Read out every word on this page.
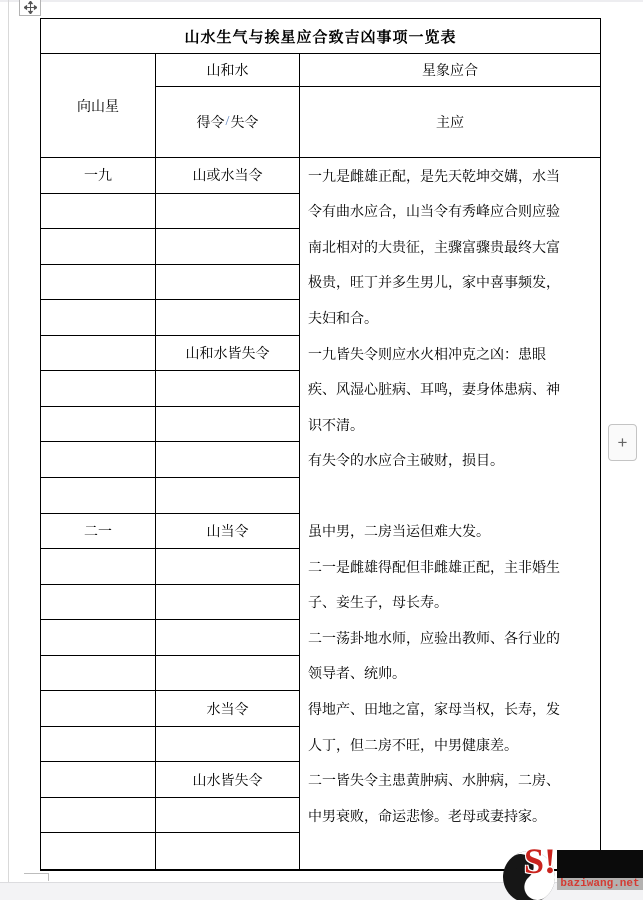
山水生气与挨星应合致吉凶事项一览表
向山星
山和水
得令 / 失令
星象应合
主应
一九
二一
山或水当令
山和水皆失令
山当令
水当令
山水皆失令
一九是雌雄正配，是先天乾坤交媾，水当
令有曲水应合，山当令有秀峰应合则应验
南北相对的大贵征，主骤富骤贵最终大富
极贵，旺丁并多生男儿，家中喜事频发，
夫妇和合。
一九皆失令则应水火相冲克之凶：患眼
疾、风湿心脏病、耳鸣，妻身体患病、神
识不清。
有失令的水应合主破财，损目。
虽中男，二房当运但难大发。
二一是雌雄得配但非雌雄正配，主非婚生
子、妾生子，母长寿。
二一荡卦地水师，应验出教师、各行业的
领导者、统帅。
得地产、田地之富，家母当权，长寿，发
人丁，但二房不旺，中男健康差。
二一皆失令主患黄肿病、水肿病，二房、
中男衰败，命运悲惨。老母或妻持家。
+
S!
baziwang.net
